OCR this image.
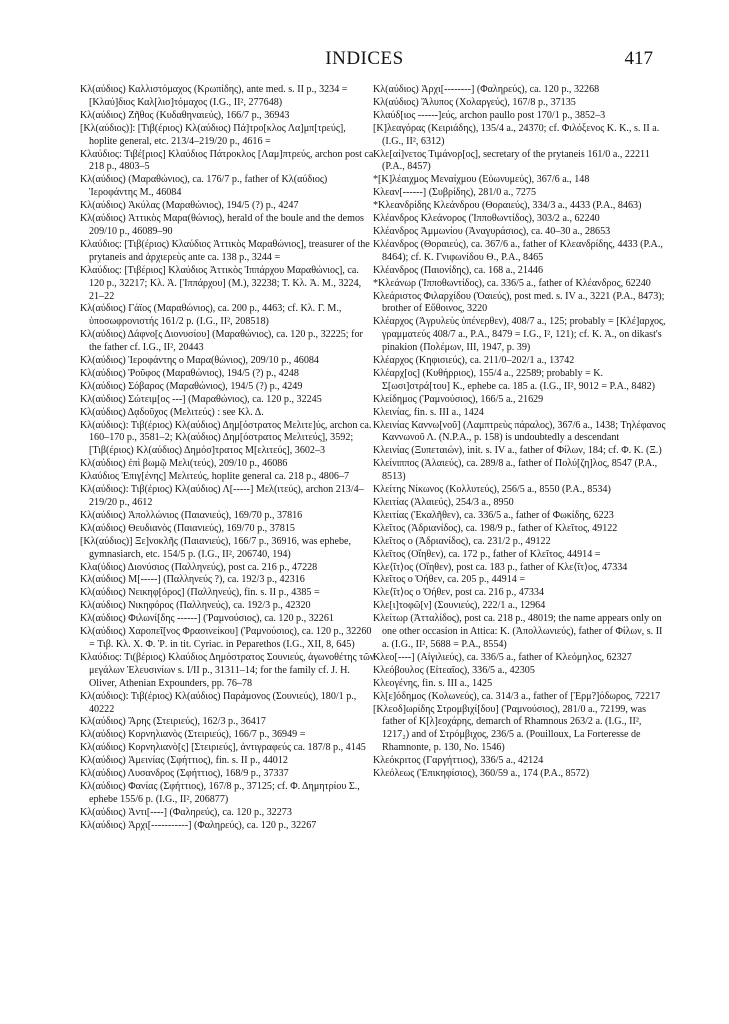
INDICES	417

Κλ(αύδιος) Καλλιστόμαχος (Κρωπίδης), ante med. s. II p., 3234 = [Κλαύ]διος Καλ[λισ]τόμαχος (I.G., II², 277648)

Κλ(αύδιος) Ζῆθος (Κυδαθηναιεύς), 166/7 p., 36943

[Κλ(αύδιος)]: [Τιβ(έριος) Κλ(αύδιος) Πά]τρο[κλος Λα]μπ[τρεύς], hoplite general, etc. 213/4–219/20 p., 4616 =

Κλαύδιος: Τιβέ[ριος] Κλαύδιος Πάτροκλος [Λαμ]πτρεύς, archon post ca. 218 p., 4803–5

Κλ(αύδιος) (Μαραθώνιος), ca. 176/7 p., father of Κλ(αύδιος) Ἱεροφάντης Μ., 46084

Κλ(αύδιος) Ἀκύλας (Μαραθώνιος), 194/5 (?) p., 4247

Κλ(αύδιος) Ἀττικὸς Μαρα(θώνιος), herald of the boule and the demos 209/10 p., 46089–90

Κλαύδιος: [Τιβ(έριος) Κλαύδιος Ἀττικὸς Μαραθώνιος], treasurer of the prytaneis and ἀρχιερεὺς ante ca. 138 p., 3244 =

Κλαύδιος: [Τιβέριος] Κλαύδιος Ἀττικὸς Ἱππάρχου Μαραθώνιος], ca. 120 p., 32217; Κλ. Ἀ. [Ἱππάρχου] (Μ.), 32238; Τ. Κλ. Ἀ. Μ., 3224, 21–22

Κλ(αύδιος) Γάϊος (Μαραθώνιος), ca. 200 p., 4463; cf. Κλ. Γ. Μ., ὑποσωφρονιστής 161/2 p. (I.G., II², 208518)

Κλ(αύδιος) Δάφνο[ς Διονυσίου] (Μαραθώνιος), ca. 120 p., 32225; for the father cf. I.G., II², 20443

Κλ(αύδιος) Ἱεροφάντης ο Μαρα(θώνιος), 209/10 p., 46084

Κλ(αύδιος) Ῥοῦφος (Μαραθώνιος), 194/5 (?) p., 4248

Κλ(αύδιος) Σόβαρος (Μαραθώνιος), 194/5 (?) p., 4249

Κλ(αύδιος) Σώτειμ[ος ---] (Μαραθώνιος), ca. 120 p., 32245

Κλ(αύδιος) Δᾳδοῦχος (Μελιτεύς) : see Κλ. Δ.

Κλ(αύδιος): Τιβ(έριος) Κλ(αύδιος) Δημ[όστρατος Μελιτε]ύς, archon ca. 160–170 p., 3581–2; Κλ(αύδιος) Δημ[όστρατος Μελιτεύς], 3592; [Τιβ(έριος) Κλ(αύδιος) Δημόσ]τρατος Μ[ελιτεύς], 3602–3

Κλ(αύδιος) ἐπὶ βωμῷ Μελι(τεύς), 209/10 p., 46086

Κλαύδιος Ἐπιγ[ένης] Μελιτεύς, hoplite general ca. 218 p., 4806–7

Κλ(αύδιος): Τιβ(έριος) Κλ(αύδιος) Λ[-----] Μελ(ιτεύς), archon 213/4–219/20 p., 4612

Κλ(αύδιος) Ἀπολλώνιος (Παιανιεύς), 169/70 p., 37816

Κλ(αύδιος) Θευδιανὸς (Παιανιεύς), 169/70 p., 37815

[Κλ(αύδιος)] Ξε]νοκλῆς (Παιανιεύς), 166/7 p., 36916, was ephebe, gymnasiarch, etc. 154/5 p. (I.G., II², 206740, 194)

Κλα(ύδιος) Διονύσιος (Παλληνεύς), post ca. 216 p., 47228

Κλ(αύδιος) Μ[-----] (Παλληνεύς ?), ca. 192/3 p., 42316

Κλ(αύδιος) Νεικηφ[όρος] (Παλληνεύς), fin. s. II p., 4385 =

Κλ(αύδιος) Νικηφόρος (Παλληνεύς), ca. 192/3 p., 42320

Κλ(αύδιος) Φιλωνί[δης ------] (Ῥαμνούσιος), ca. 120 p., 32261

Κλ(αύδιος) Χαροπεῖ[νος Φρασινείκου] (Ῥαμνούσιος), ca. 120 p., 32260 = Τιβ. Κλ. Χ. Φ. Ῥ. in tit. Cyriac. in Peparethos (I.G., XII, 8, 645)

Κλαύδιος: Τι(βέριος) Κλαύδιος Δημόστρατος Σουνιεύς, ἀγωνοθέτης τῶν μεγάλων Ἐλευσινίων s. I/II p., 31311–14; for the family cf. J. H. Oliver, Athenian Expounders, pp. 76–78

Κλ(αύδιος): Τιβ(έριος) Κλ(αύδιος) Παράμονος (Σουνιεύς), 180/1 p., 40222

Κλ(αύδιος) Ἄρης (Στειριεύς), 162/3 p., 36417

Κλ(αύδιος) Κορνηλιανὸς (Στειριεύς), 166/7 p., 36949 =

Κλ(αύδιος) Κορνηλιανὸ[ς] [Στειριεύς], ἀντιγραφεύς ca. 187/8 p., 4145

Κλ(αύδιος) Ἀμεινίας (Σφήττιος), fin. s. II p., 44012

Κλ(αύδιος) Λυσανδρος (Σφήττιος), 168/9 p., 37337

Κλ(αύδιος) Φανίας (Σφήττιος), 167/8 p., 37125; cf. Φ. Δημητρίου Σ., ephebe 155/6 p. (I.G., II², 206877)

Κλ(αύδιος) Ἀντι[----] (Φαληρεύς), ca. 120 p., 32273

Κλ(αύδιος) Ἀρχι[-----------] (Φαληρεύς), ca. 120 p., 32267

Κλ(αύδιος) Ἀρχι[--------] (Φαληρεύς), ca. 120 p., 32268

Κλ(αύδιος) Ἄλυπος (Χολαργεύς), 167/8 p., 37135

Κλαύδ[ιος ------]εύς, archon paullo post 170/1 p., 3852–3

[Κ]λεαγόρας (Κειριάδης), 135/4 a., 24370; cf. Φιλόξενος Κ. Κ., s. II a. (I.G., II², 6312)

Κλε[αί]νετος Τιμάνορ[ος], secretary of the prytaneis 161/0 a., 22211 (P.A., 8457)

*[Κ]λέαιχμος Μεναίχμου (Εὐωνυμεύς), 367/6 a., 148

Κλεαν[------] (Συβρίδης), 281/0 a., 7275

*Κλεανδρίδης Κλεάνδρου (Θοραιεύς), 334/3 a., 4433 (P.A., 8463)

Κλέανδρος Κλεάνορος (Ἱπποθωντίδος), 303/2 a., 62240

Κλέανδρος Ἀμμωνίου (Ἀναγυράσιος), ca. 40–30 a., 28653

Κλέανδρος (Θοραιεύς), ca. 367/6 a., father of Κλεανδρίδης, 4433 (P.A., 8464); cf. Κ. Γνιφωνίδου Θ., P.A., 8465

Κλέανδρος (Παιονίδης), ca. 168 a., 21446

*Κλεάνωρ (Ἱπποθωντίδος), ca. 336/5 a., father of Κλέανδρος, 62240

Κλεάριστος Φιλαρχίδου (Ὀαιεύς), post med. s. IV a., 3221 (P.A., 8473); brother of Εὔθοινος, 3220

Κλέαρχος (Ἀγρυλεὺς ὑπένερθεν), 408/7 a., 125; probably = [Κλέ]αρχος, γραμματεύς 408/7 a., P.A., 8479 = I.G., I², 121); cf. Κ. Ἀ., on dikast's pinakion (Πολέμων, III, 1947, p. 39)

Κλέαρχος (Κηφισιεύς), ca. 211/0–202/1 a., 13742

Κλέαρχ[ος] (Κυθήρριος), 155/4 a., 22589; probably = Κ. Σ[ωσι]στρά[του] Κ., ephebe ca. 185 a. (I.G., II², 9012 = P.A., 8482)

Κλείδημος (Ῥαμνούσιος), 166/5 a., 21629

Κλεινίας, fin. s. III a., 1424

Κλεινίας Καννω[νοῦ] (Λαμπτρεὺς πάραλος), 367/6 a., 1438; Τηλέφανος Καννωνοῦ Λ. (N.P.A., p. 158) is undoubtedly a descendant

Κλεινίας (Ξυπεταιών), init. s. IV a., father of Φίλων, 184; cf. Φ. Κ. (Ξ.)

Κλείνιππος (Ἁλαιεύς), ca. 289/8 a., father of Πολύ[ζη]λος, 8547 (P.A., 8513)

Κλείτης Νίκωνος (Κολλυτεύς), 256/5 a., 8550 (P.A., 8534)

Κλειτίας (Ἁλαιεύς), 254/3 a., 8950

Κλειτίας (Ἐκαλῆθεν), ca. 336/5 a., father of Φωκίδης, 6223

Κλεῖτος (Ἀδριανίδος), ca. 198/9 p., father of Κλεῖτος, 49122

Κλεῖτος ο (Ἀδριανίδος), ca. 231/2 p., 49122

Κλεῖτος (Οἴηθεν), ca. 172 p., father of Κλεῖτος, 44914 =

Κλε⟨ῖτ⟩ος (Οἴηθεν), post ca. 183 p., father of Κλε⟨ῖτ⟩ος, 47334

Κλεῖτος ο Ὀήθεν, ca. 205 p., 44914 =

Κλε⟨ῖτ⟩ος ο Ὀήθεν, post ca. 216 p., 47334

Κλε[ι]τοφῶ[ν] (Σουνιεύς), 222/1 a., 12964

Κλείτωρ (Ἀτταλίδος), post ca. 218 p., 48019; the name appears only on one other occasion in Attica: Κ. (Ἀπολλωνιεύς), father of Φίλων, s. II a. (I.G., II², 5688 = P.A., 8554)

Κλεο[----] (Αἰγιλιεύς), ca. 336/5 a., father of Κλεόμηλος, 62327

Κλεόβουλος (Εἰτεαῖος), 336/5 a., 42305

Κλεογένης, fin. s. III a., 1425

Κλ[ε]όδημος (Κολωνεύς), ca. 314/3 a., father of [Ἑρμ?]όδωρος, 72217

[Κλεοδ]ωρίδης Στρομβιχί[δου] (Ῥαμνούσιος), 281/0 a., 72199, was father of Κ[λ]εοχάρης, demarch of Rhamnous 263/2 a. (I.G., II², 1217₂) and of Στρόμβιχος, 236/5 a. (Pouilloux, La Forteresse de Rhamnonte, p. 130, No. 1546)

Κλεόκριτος (Γαργήττιος), 336/5 a., 42124

Κλεόλεως (Ἐπικηφίσιος), 360/59 a., 174 (P.A., 8572)
